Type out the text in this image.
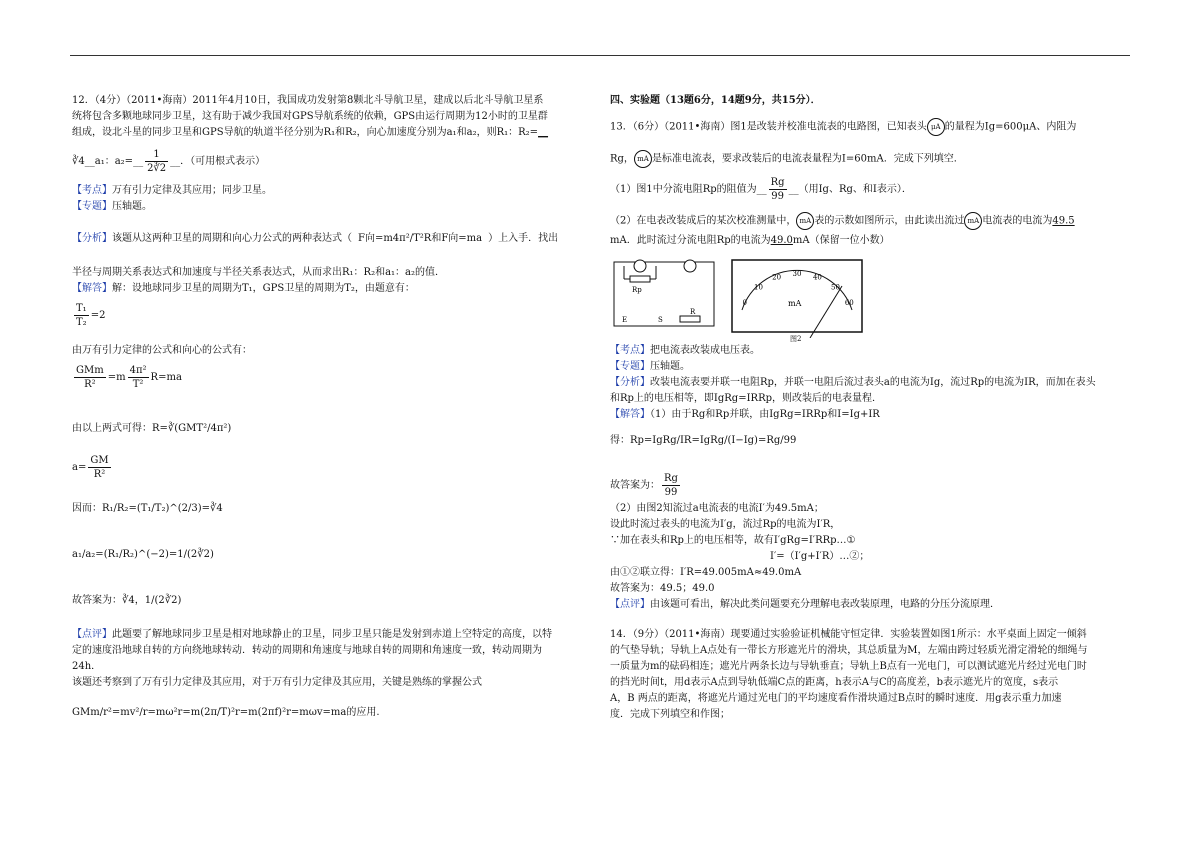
12．（4分）（2011•海南）2011年4月10日，我国成功发射第8颗北斗导航卫星，建成以后北斗导航卫星系
统将包含多颗地球同步卫星，这有助于减少我国对GPS导航系统的依赖，GPS由运行周期为12小时的卫星群
组成，设北斗星的同步卫星和GPS导航的轨道半径分别为R₁和R₂，向心加速度分别为a₁和a₂，则R₁：R₂=__
∛4__a₁：a₂=__ $\frac{1}{2∛2}$ __．（可用根式表示）
【考点】万有引力定律及其应用；同步卫星。
【专题】压轴题。
【分析】该题从这两种卫星的周期和向心力公式的两种表达式（ F向=m4π²/T²R和F向=ma ）上入手．找出
半径与周期关系表达式和加速度与半径关系表达式，从而求出R₁：R₂和a₁：a₂的值．
【解答】解：设地球同步卫星的周期为T₁，GPS卫星的周期为T₂，由题意有：
$\frac{\text{T₁}}{\text{T₂}} =2$
由万有引力定律的公式和向心的公式有：
$\frac{\text{GMm}}{\text{R²}} =m \frac{\text{4π²}}{\text{T²}} R=ma$
由以上两式可得：R=∛(GMT²/4π²)
$a= \frac{GM}{\text{R²}}$
因而：R₁/R₂=(T₁/T₂)^(2/3)=∛4
a₁/a₂=(R₁/R₂)^(−2)=1/(2∛2)
故答案为：∛4，1/(2∛2)
【点评】此题要了解地球同步卫星是相对地球静止的卫星，同步卫星只能是发射到赤道上空特定的高度，以特
定的速度沿地球自转的方向绕地球转动．转动的周期和角速度与地球自转的周期和角速度一致，转动周期为
24h．
该题还考察到了万有引力定律及其应用，对于万有引力定律及其应用，关键是熟练的掌握公式
GMm/r²=mv²/r=mω²r=m(2π/T)²r=m(2πf)²r=mωv=ma的应用.
四、实验题（13题6分，14题9分，共15分）．
13．（6分）（2011•海南）图1是改装并校准电流表的电路图，已知表头 μA 的量程为Ig=600μA、内阻为
Rg， mA 是标准电流表，要求改装后的电流表量程为I=60mA．完成下列填空．
（1）图1中分流电阻Rp的阻值为__ $\frac{Rg}{99}$ __（用Ig、Rg、和I表示）．
（2）在电表改装成后的某次校准测量中， mA 表的示数如图所示，由此读出流过 mA 电流表的电流为49.5
mA．此时流过分流电阻Rp的电流为49.0mA（保留一位小数）
Rp
E	S
R
0
10
20 30 40
50
60
mA
图2
【考点】把电流表改装成电压表。
【专题】压轴题。
【分析】改装电流表要并联一电阻Rp，并联一电阻后流过表头a的电流为Ig，流过Rp的电流为IR，而加在表头
和Rp上的电压相等，即IgRg=IRRp，则改装后的电表量程．
【解答】（1）由于Rg和Rp并联，由IgRg=IRRp和I=Ig+IR
得：Rp=IgRg/IR=IgRg/(I−Ig)=Rg/99
故答案为： $\frac{Rg}{99}$
（2）由图2知流过a电流表的电流I′为49.5mA；
设此时流过表头的电流为I′g，流过Rp的电流为I′R，
∵加在表头和Rp上的电压相等，故有I′gRg=I′RRp…①
I′=（I′g+I′R）…②；
由①②联立得：I′R=49.005mA≈49.0mA
故答案为：49.5；49.0
【点评】由该题可看出，解决此类问题要充分理解电表改装原理，电路的分压分流原理．
14．（9分）（2011•海南）现要通过实验验证机械能守恒定律．实验装置如图1所示：水平桌面上固定一倾斜
的气垫导轨；导轨上A点处有一带长方形遮光片的滑块，其总质量为M，左端由跨过轻质光滑定滑轮的细绳与
一质量为m的砝码相连；遮光片两条长边与导轨垂直；导轨上B点有一光电门，可以测试遮光片经过光电门时
的挡光时间t，用d表示A点到导轨低端C点的距离，h表示A与C的高度差，b表示遮光片的宽度，s表示
A，B 两点的距离，将遮光片通过光电门的平均速度看作滑块通过B点时的瞬时速度．用g表示重力加速
度．完成下列填空和作图；
